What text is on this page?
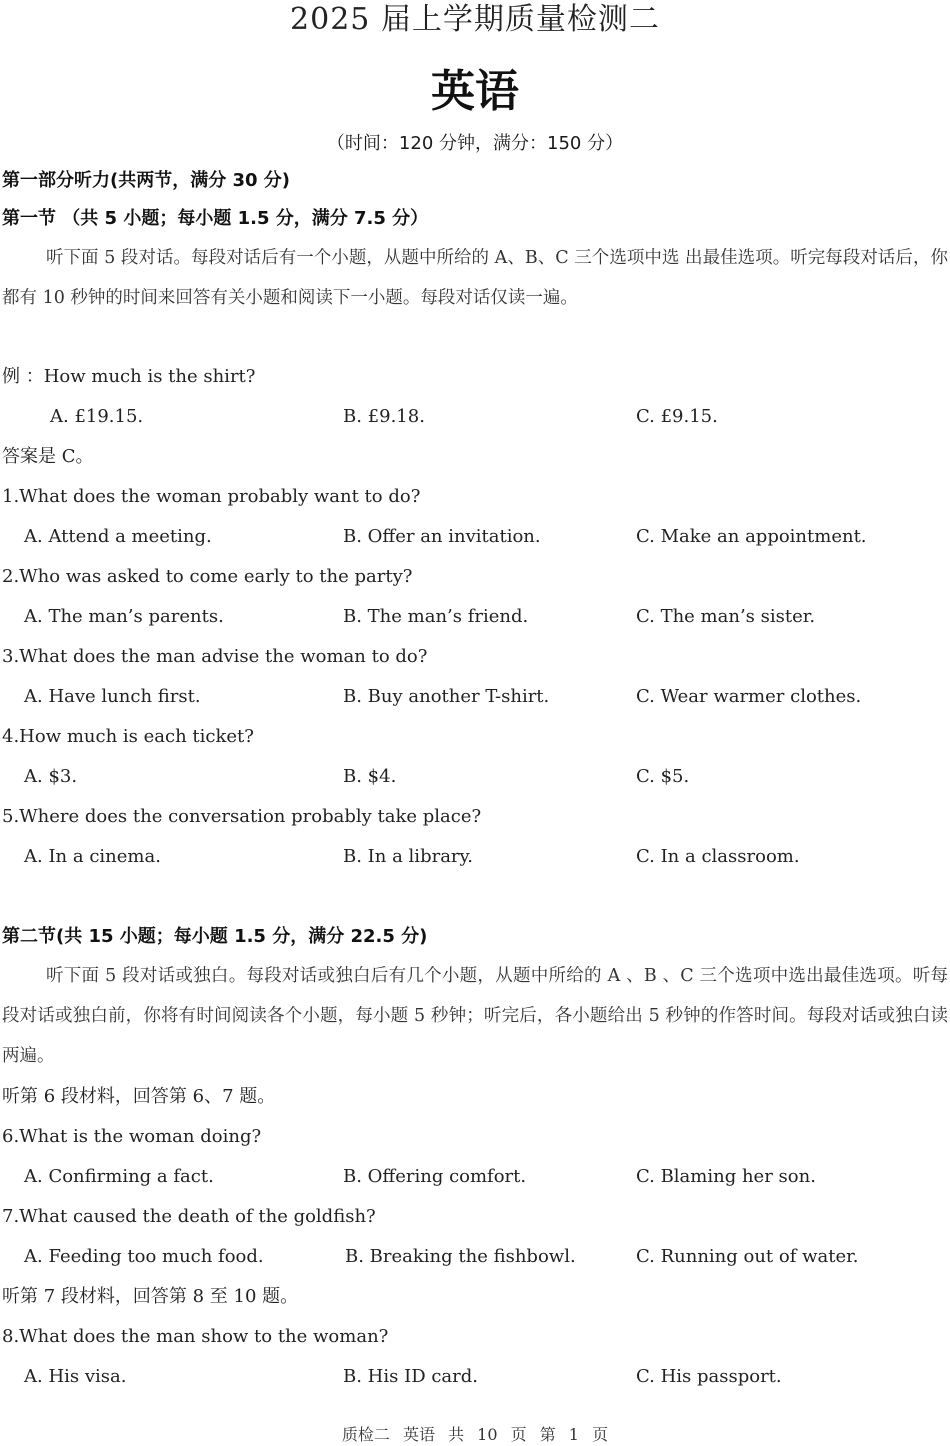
2025 届上学期质量检测二
英语
（时间：120 分钟，满分：150 分）
第一部分听力(共两节，满分 30 分)
第一节 （共 5 小题；每小题 1.5 分，满分 7.5 分）
听下面 5 段对话。每段对话后有一个小题，从题中所给的 A、B、C 三个选项中选 出最佳选项。听完每段对话后，你都有 10 秒钟的时间来回答有关小题和阅读下一小题。每段对话仅读一遍。
例 ：How much is the shirt?
A. £19.15.	B. £9.18.	C. £9.15.
答案是 C。
1.What does the woman probably want to do?
A. Attend a meeting.	B. Offer an invitation.	C. Make an appointment.
2.Who was asked to come early to the party?
A. The man’s parents.	B. The man’s friend.	C. The man’s sister.
3.What does the man advise the woman to do?
A. Have lunch first.	B. Buy another T-shirt.	C. Wear warmer clothes.
4.How much is each ticket?
A. $3.	B. $4.	C. $5.
5.Where does the conversation probably take place?
A. In a cinema.	B. In a library.	C. In a classroom.
第二节(共 15 小题；每小题 1.5 分，满分 22.5 分)
听下面 5 段对话或独白。每段对话或独白后有几个小题，从题中所给的 A 、B 、C 三个选项中选出最佳选项。听每段对话或独白前，你将有时间阅读各个小题，每小题 5 秒钟；听完后，各小题给出 5 秒钟的作答时间。每段对话或独白读两遍。
听第 6 段材料，回答第 6、7 题。
6.What is the woman doing?
A. Confirming a fact.	B. Offering comfort.	C. Blaming her son.
7.What caused the death of the goldfish?
A. Feeding too much food.	B. Breaking the fishbowl.	C. Running out of water.
听第 7 段材料，回答第 8 至 10 题。
8.What does the man show to the woman?
A. His visa.	B. His ID card.	C. His passport.
质检二 英语 共 10 页 第 1 页
